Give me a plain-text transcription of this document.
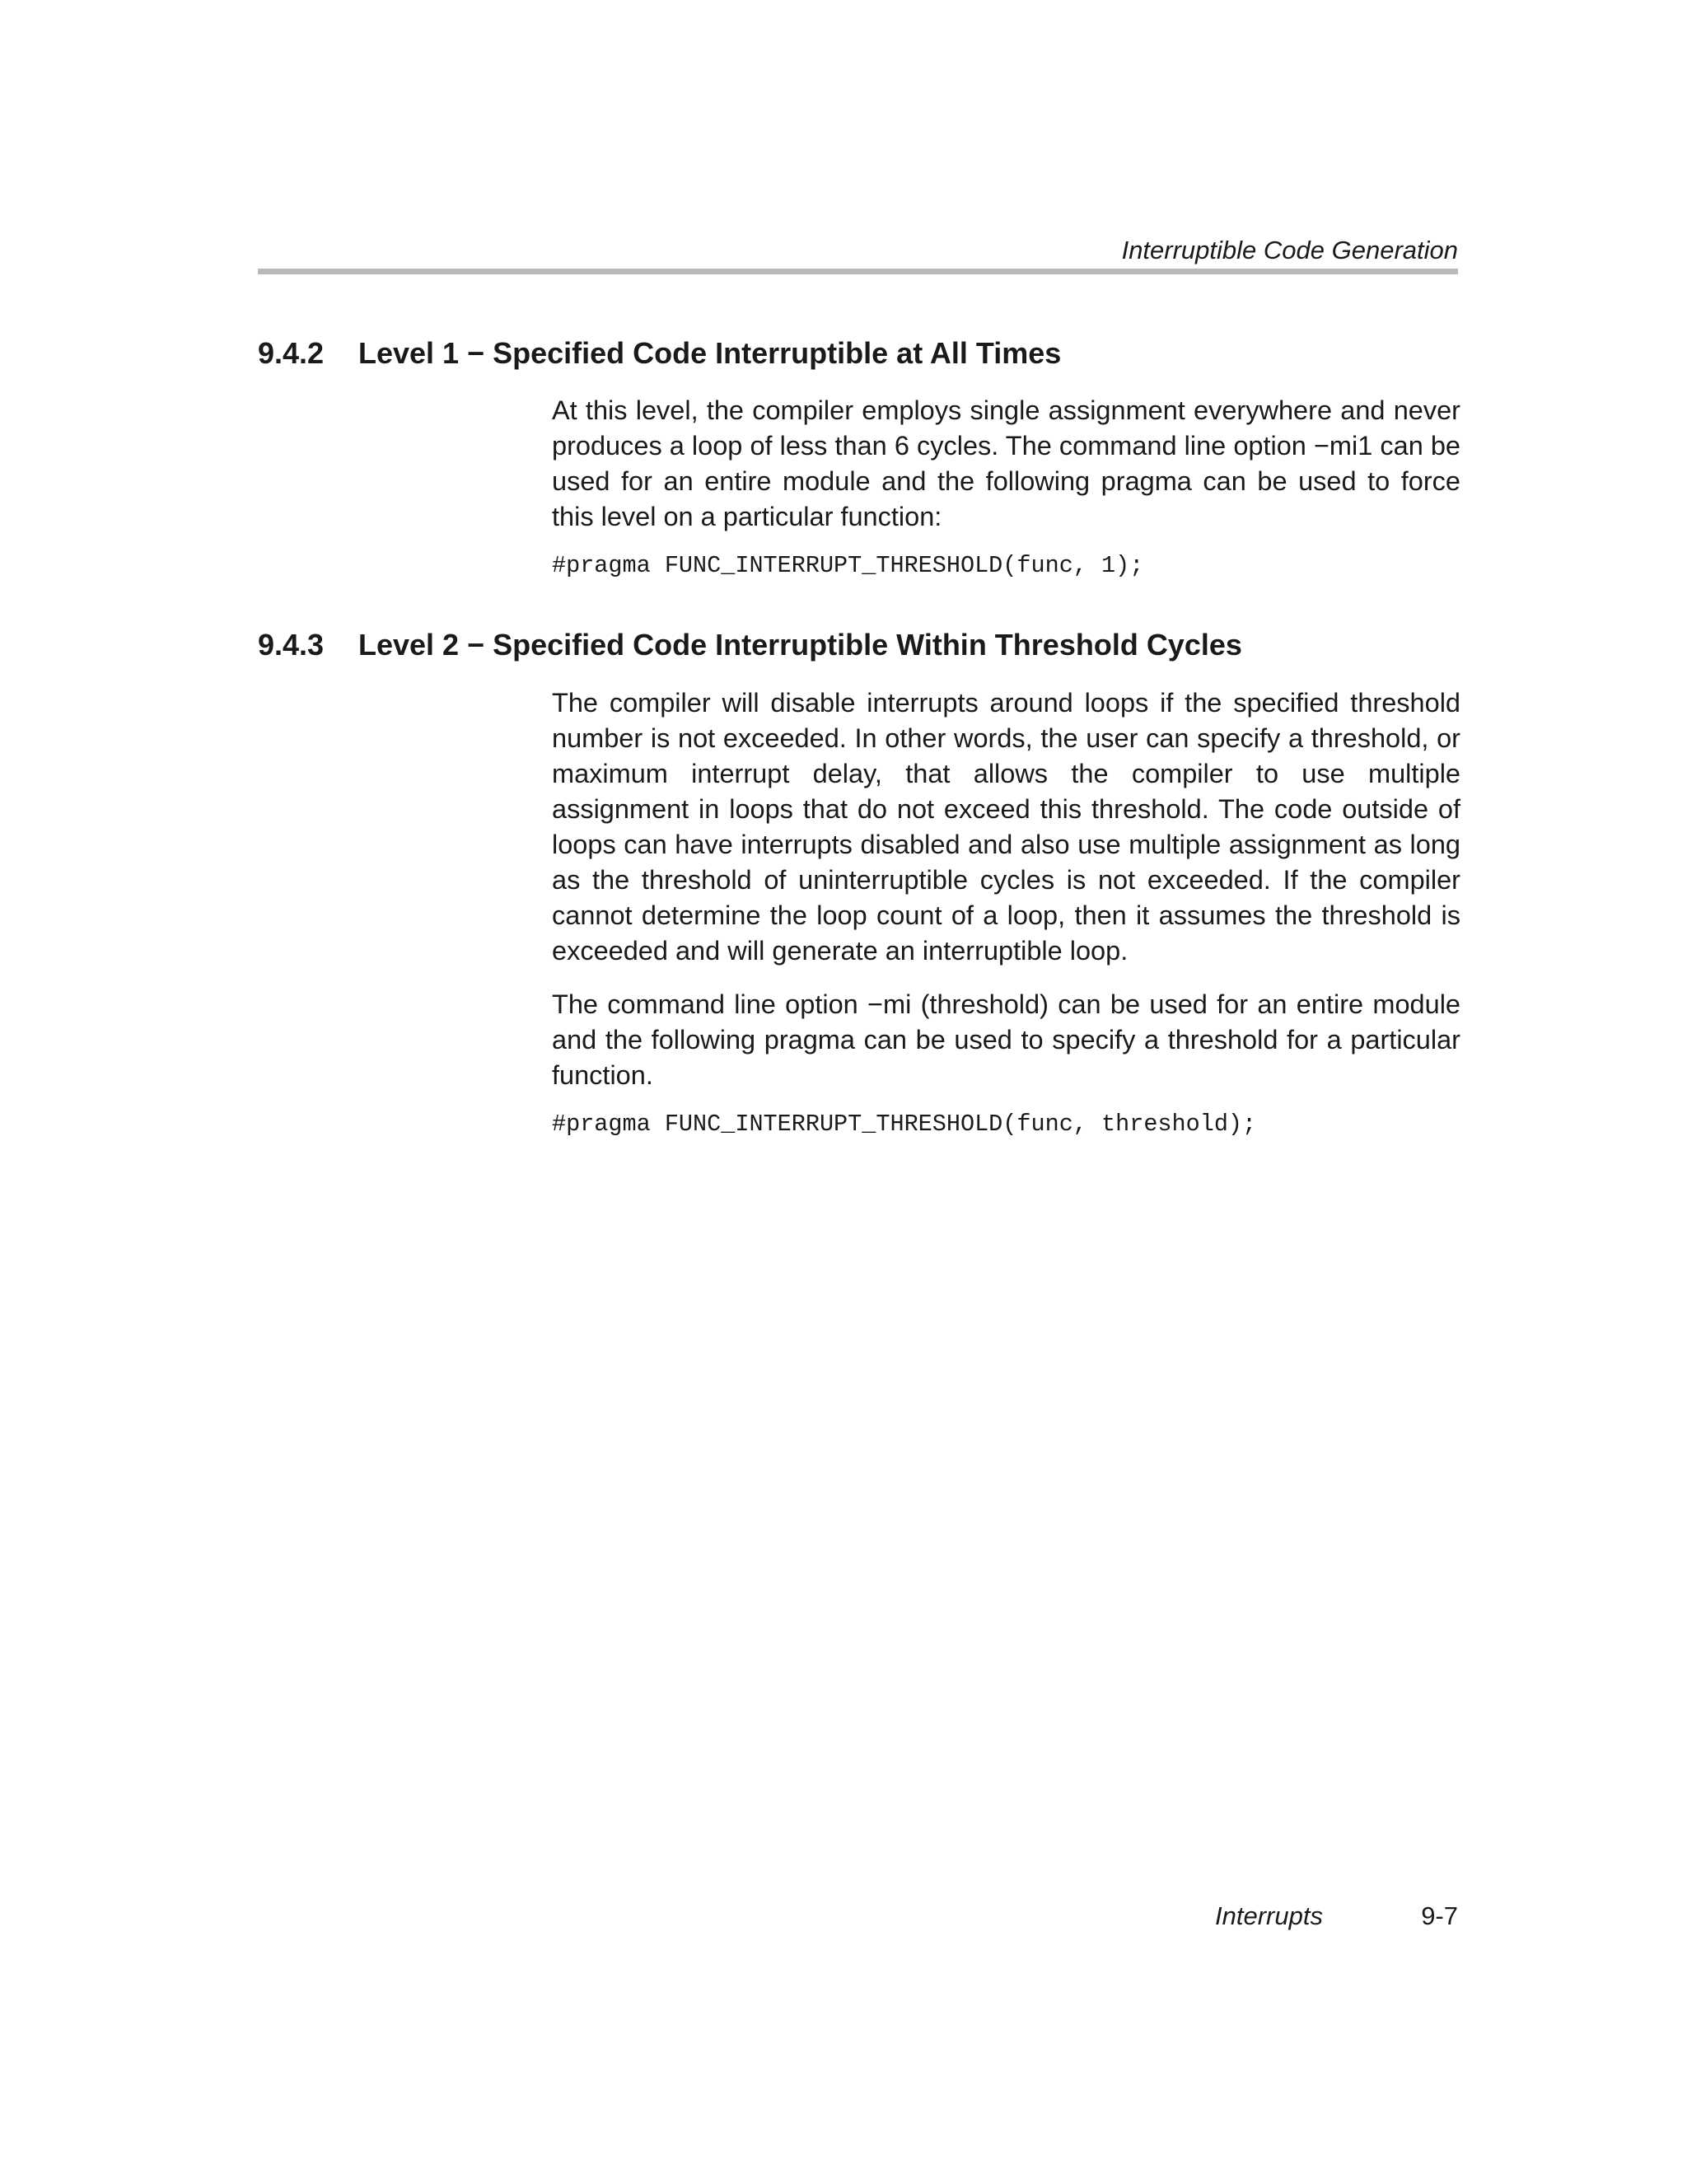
Interruptible Code Generation
9.4.2 Level 1 − Specified Code Interruptible at All Times

At this level, the compiler employs single assignment everywhere and never produces a loop of less than 6 cycles. The command line option −mi1 can be used for an entire module and the following pragma can be used to force this level on a particular function:

#pragma FUNC_INTERRUPT_THRESHOLD(func, 1);
9.4.3 Level 2 − Specified Code Interruptible Within Threshold Cycles

The compiler will disable interrupts around loops if the specified threshold number is not exceeded. In other words, the user can specify a threshold, or maximum interrupt delay, that allows the compiler to use multiple assignment in loops that do not exceed this threshold. The code outside of loops can have interrupts disabled and also use multiple assignment as long as the threshold of uninterruptible cycles is not exceeded. If the compiler cannot determine the loop count of a loop, then it assumes the threshold is exceeded and will generate an interruptible loop.

The command line option −mi (threshold) can be used for an entire module and the following pragma can be used to specify a threshold for a particular function.

#pragma FUNC_INTERRUPT_THRESHOLD(func, threshold);
Interrupts	9-7
